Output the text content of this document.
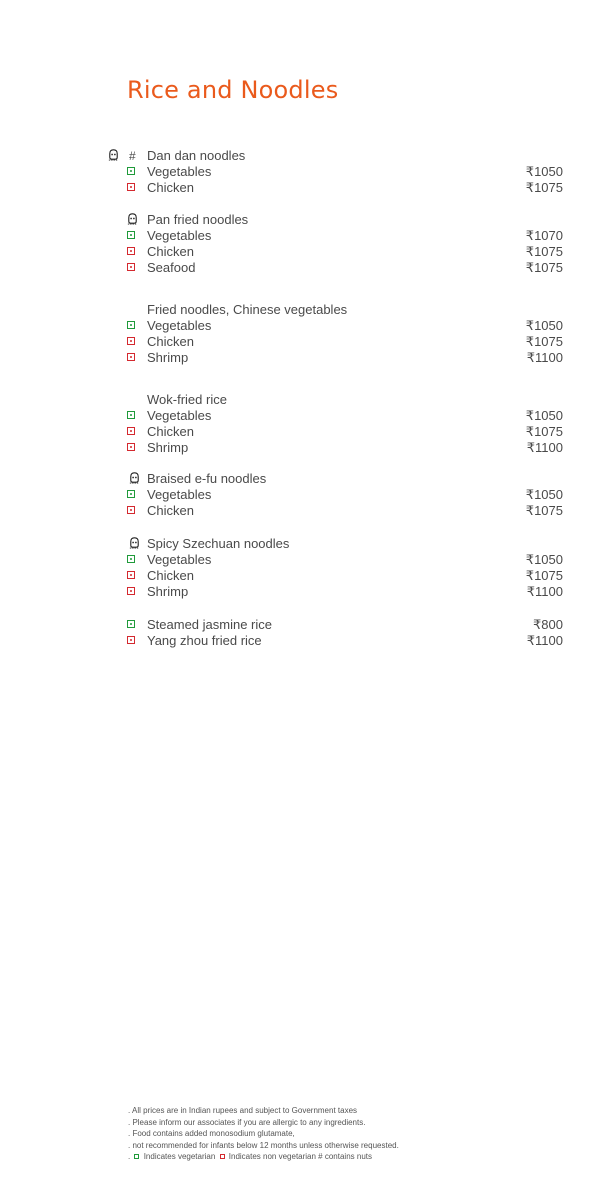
Rice and Noodles
# Dan dan noodles
Vegetables	₹1050
Chicken	₹1075
Pan fried noodles
Vegetables	₹1070
Chicken	₹1075
Seafood	₹1075
Fried noodles, Chinese vegetables
Vegetables	₹1050
Chicken	₹1075
Shrimp	₹1100
Wok-fried rice
Vegetables	₹1050
Chicken	₹1075
Shrimp	₹1100
Braised e-fu noodles
Vegetables	₹1050
Chicken	₹1075
Spicy Szechuan noodles
Vegetables	₹1050
Chicken	₹1075
Shrimp	₹1100
Steamed jasmine rice	₹800
Yang zhou fried rice	₹1100
. All prices are in Indian rupees and subject to Government taxes
. Please inform our associates if you are allergic to any ingredients.
. Food contains added monosodium glutamate,
. not recommended for infants below 12 months unless otherwise requested.
. Indicates vegetarian Indicates non vegetarian # contains nuts
